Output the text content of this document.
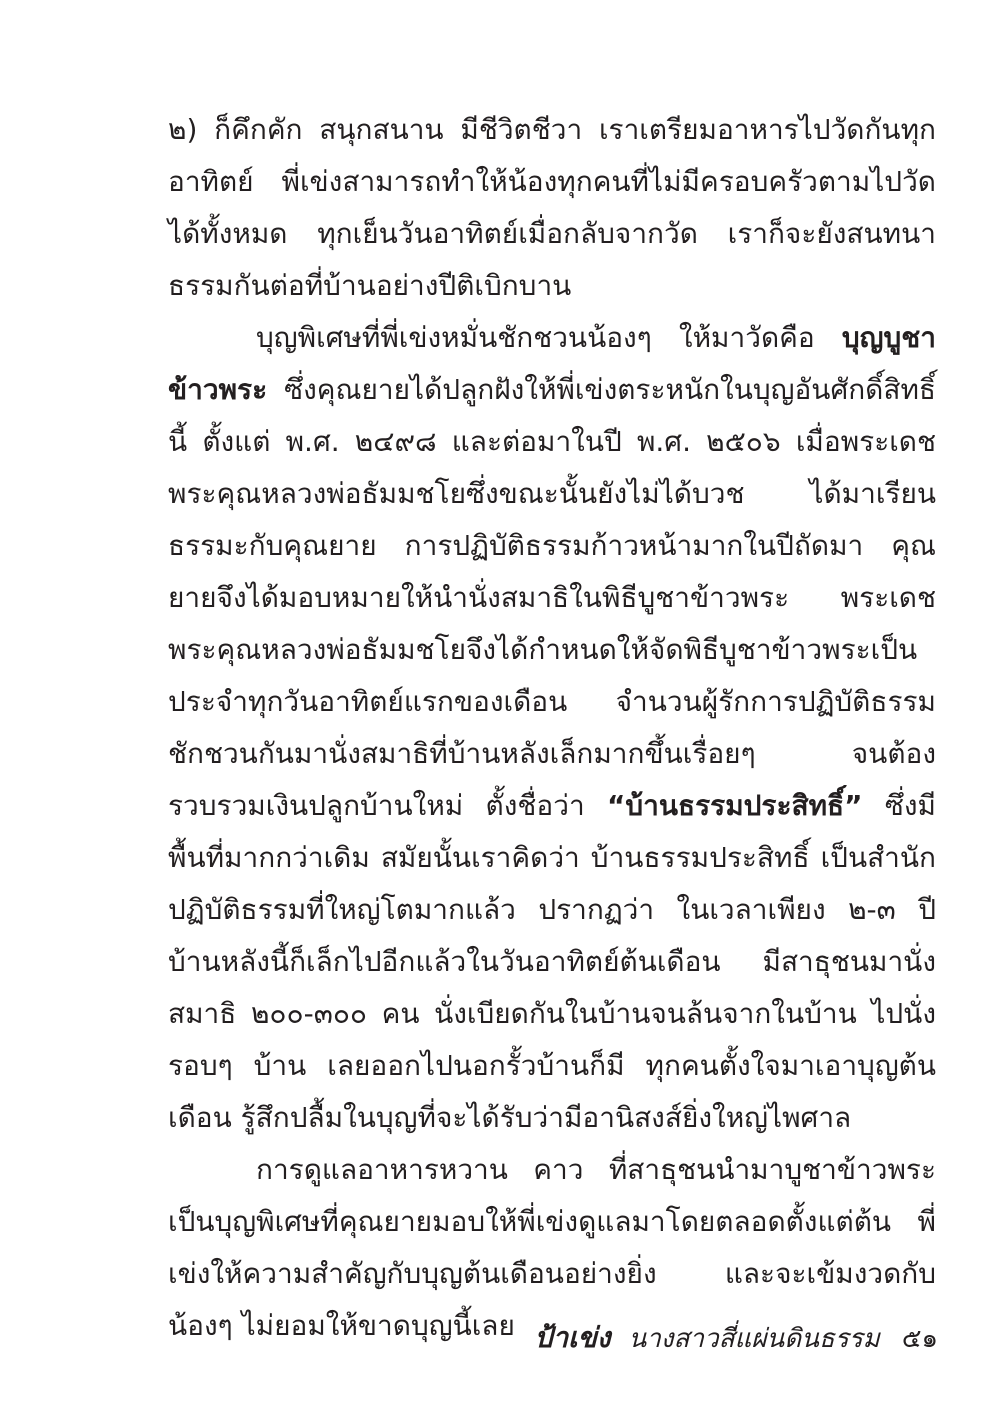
๒) ก็คึกคัก สนุกสนาน มีชีวิตชีวา เราเตรียมอาหารไปวัดกันทุกอาทิตย์ พี่เข่งสามารถทำให้น้องทุกคนที่ไม่มีครอบครัวตามไปวัดได้ทั้งหมด ทุกเย็นวันอาทิตย์เมื่อกลับจากวัด เราก็จะยังสนทนาธรรมกันต่อที่บ้านอย่างปีติเบิกบาน

บุญพิเศษที่พี่เข่งหมั่นชักชวนน้องๆ ให้มาวัดคือ บุญบูชาข้าวพระ ซึ่งคุณยายได้ปลูกฝังให้พี่เข่งตระหนักในบุญอันศักดิ์สิทธิ์นี้ ตั้งแต่ พ.ศ. ๒๔๙๘ และต่อมาในปี พ.ศ. ๒๕๐๖ เมื่อพระเดชพระคุณหลวงพ่อธัมมชโยซึ่งขณะนั้นยังไม่ได้บวช ได้มาเรียนธรรมะกับคุณยาย การปฏิบัติธรรมก้าวหน้ามากในปีถัดมา คุณยายจึงได้มอบหมายให้นำนั่งสมาธิในพิธีบูชาข้าวพระ พระเดชพระคุณหลวงพ่อธัมมชโยจึงได้กำหนดให้จัดพิธีบูชาข้าวพระเป็นประจำทุกวันอาทิตย์แรกของเดือน จำนวนผู้รักการปฏิบัติธรรมชักชวนกันมานั่งสมาธิที่บ้านหลังเล็กมากขึ้นเรื่อยๆ จนต้องรวบรวมเงินปลูกบ้านใหม่ ตั้งชื่อว่า “บ้านธรรมประสิทธิ์” ซึ่งมีพื้นที่มากกว่าเดิม สมัยนั้นเราคิดว่า บ้านธรรมประสิทธิ์ เป็นสำนักปฏิบัติธรรมที่ใหญ่โตมากแล้ว ปรากฏว่า ในเวลาเพียง ๒-๓ ปี บ้านหลังนี้ก็เล็กไปอีกแล้วในวันอาทิตย์ต้นเดือน มีสาธุชนมานั่งสมาธิ ๒๐๐-๓๐๐ คน นั่งเบียดกันในบ้านจนล้นจากในบ้าน ไปนั่งรอบๆ บ้าน เลยออกไปนอกรั้วบ้านก็มี ทุกคนตั้งใจมาเอาบุญต้นเดือน รู้สึกปลื้มในบุญที่จะได้รับว่ามีอานิสงส์ยิ่งใหญ่ไพศาล

การดูแลอาหารหวาน คาว ที่สาธุชนนำมาบูชาข้าวพระ เป็นบุญพิเศษที่คุณยายมอบให้พี่เข่งดูแลมาโดยตลอดตั้งแต่ต้น พี่เข่งให้ความสำคัญกับบุญต้นเดือนอย่างยิ่ง และจะเข้มงวดกับน้องๆ ไม่ยอมให้ขาดบุญนี้เลย ป้าเข่ง นางสาวสี่แผ่นดินธรรม ๕๑
